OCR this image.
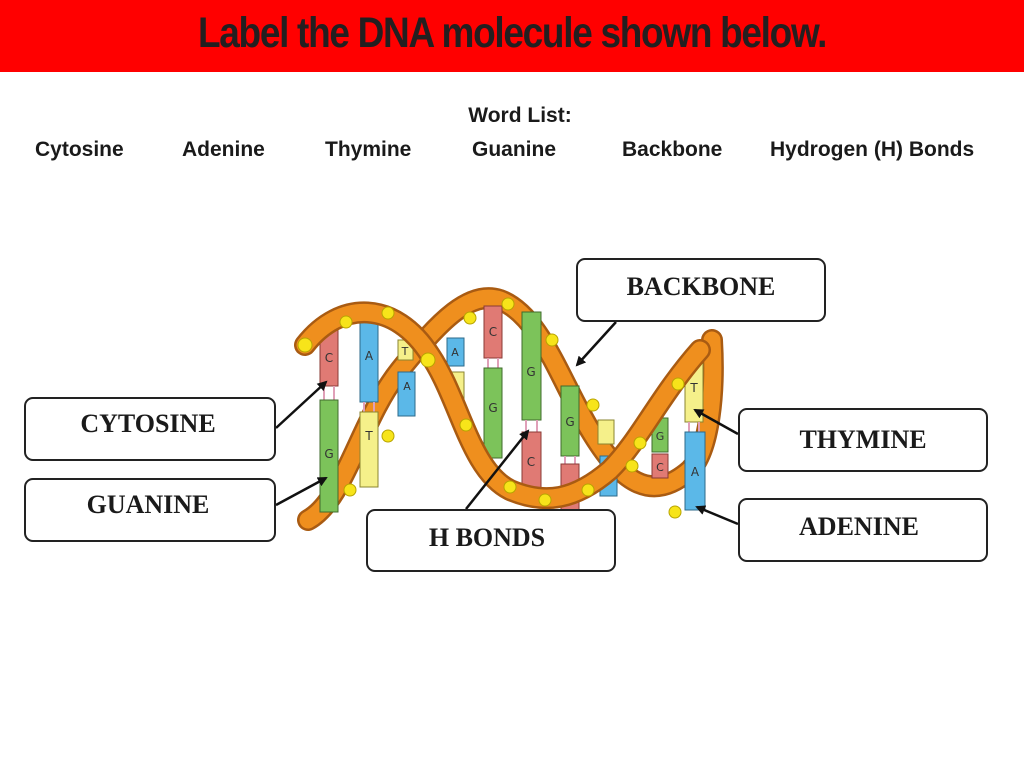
Label the DNA molecule shown below.
Word List:
Cytosine	Adenine	Thymine	Guanine	Backbone Hydrogen (H) Bonds
C
G
A
T
T
A
A
C
G
G
C
G
C
A	C
G
T
A
BACKBONE
CYTOSINE
GUANINE
H BONDS
THYMINE
ADENINE
